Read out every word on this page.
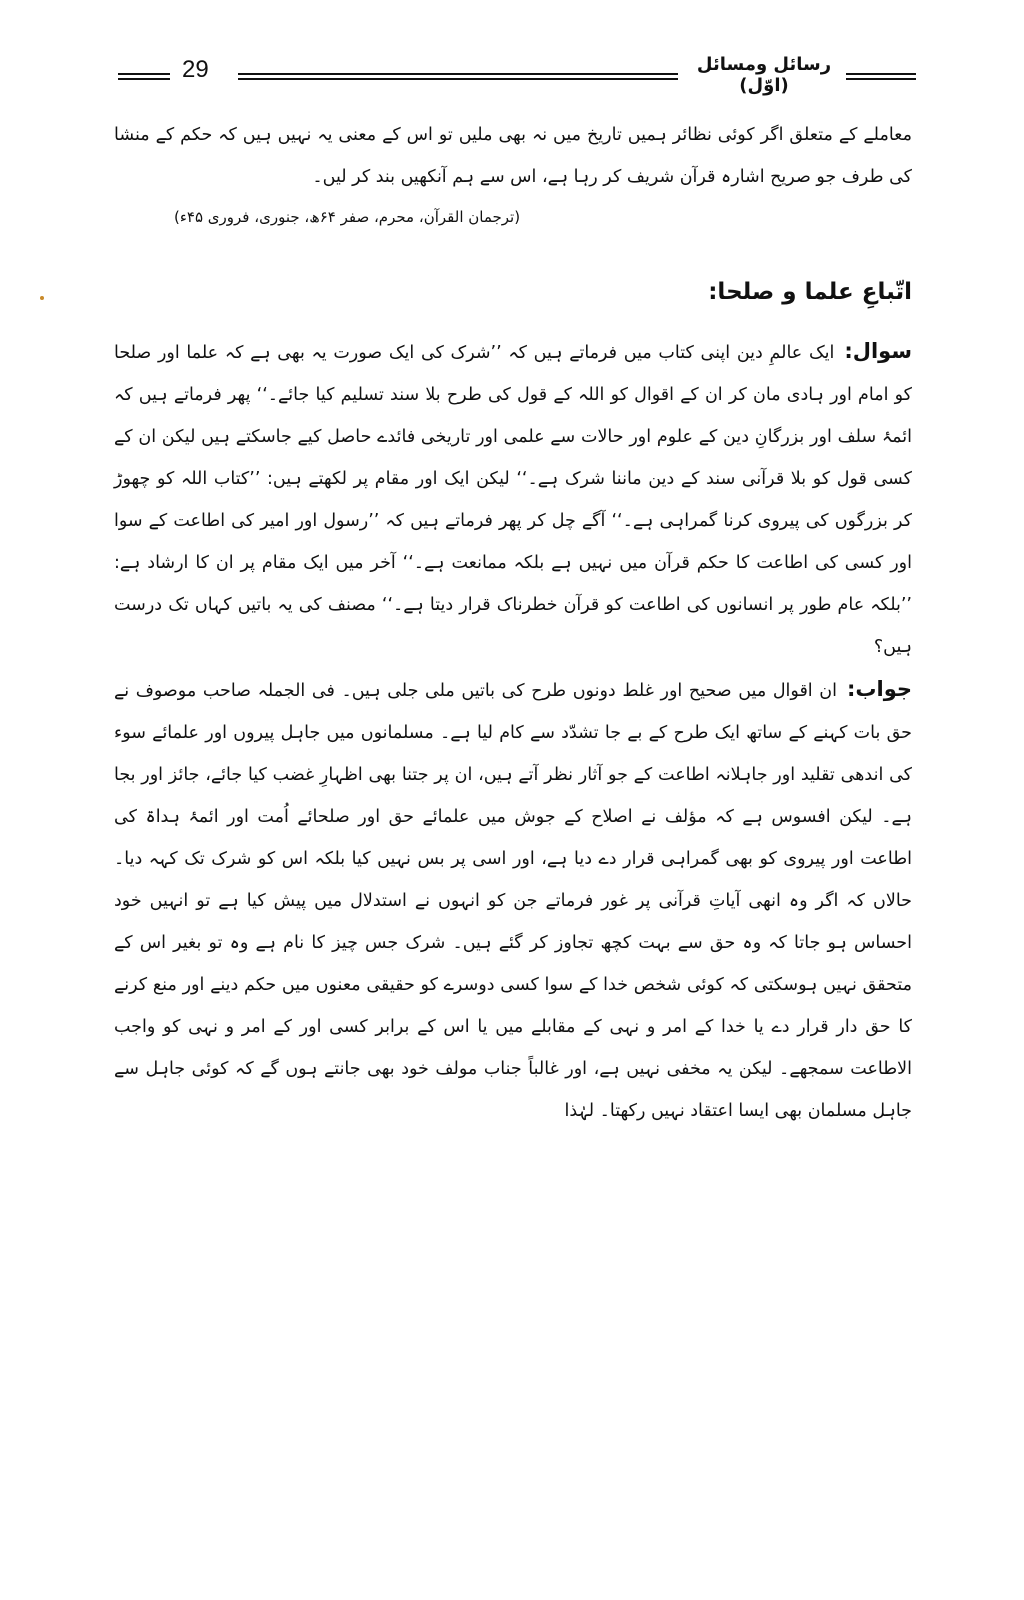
29	رسائل ومسائل (اوّل)

معاملے کے متعلق اگر کوئی نظائر ہمیں تاریخ میں نہ بھی ملیں تو اس کے معنی یہ نہیں ہیں کہ حکم کے منشا کی طرف جو صریح اشارہ قرآن شریف کر رہا ہے، اس سے ہم آنکھیں بند کر لیں۔

(ترجمان القرآن، محرم، صفر ۶۴ھ، جنوری، فروری ۴۵ء)

اتّباعِ علما و صلحا:

سوال:ایک عالمِ دین اپنی کتاب میں فرماتے ہیں کہ ’’شرک کی ایک صورت یہ بھی ہے کہ علما اور صلحا کو امام اور ہادی مان کر ان کے اقوال کو اللہ کے قول کی طرح بلا سند تسلیم کیا جائے۔‘‘ پھر فرماتے ہیں کہ ائمۂ سلف اور بزرگانِ دین کے علوم اور حالات سے علمی اور تاریخی فائدے حاصل کیے جاسکتے ہیں لیکن ان کے کسی قول کو بلا قرآنی سند کے دین ماننا شرک ہے۔‘‘ لیکن ایک اور مقام پر لکھتے ہیں: ’’کتاب اللہ کو چھوڑ کر بزرگوں کی پیروی کرنا گمراہی ہے۔‘‘ آگے چل کر پھر فرماتے ہیں کہ ’’رسول اور امیر کی اطاعت کے سوا اور کسی کی اطاعت کا حکم قرآن میں نہیں ہے بلکہ ممانعت ہے۔‘‘ آخر میں ایک مقام پر ان کا ارشاد ہے: ’’بلکہ عام طور پر انسانوں کی اطاعت کو قرآن خطرناک قرار دیتا ہے۔‘‘ مصنف کی یہ باتیں کہاں تک درست ہیں؟

جواب:ان اقوال میں صحیح اور غلط دونوں طرح کی باتیں ملی جلی ہیں۔ فی الجملہ صاحب موصوف نے حق بات کہنے کے ساتھ ایک طرح کے بے جا تشدّد سے کام لیا ہے۔ مسلمانوں میں جاہل پیروں اور علمائے سوء کی اندھی تقلید اور جاہلانہ اطاعت کے جو آثار نظر آتے ہیں، ان پر جتنا بھی اظہارِ غضب کیا جائے، جائز اور بجا ہے۔ لیکن افسوس ہے کہ مؤلف نے اصلاح کے جوش میں علمائے حق اور صلحائے اُمت اور ائمۂ ہداۃ کی اطاعت اور پیروی کو بھی گمراہی قرار دے دیا ہے، اور اسی پر بس نہیں کیا بلکہ اس کو شرک تک کہہ دیا۔ حالاں کہ اگر وہ انھی آیاتِ قرآنی پر غور فرماتے جن کو انہوں نے استدلال میں پیش کیا ہے تو انہیں خود احساس ہو جاتا کہ وہ حق سے بہت کچھ تجاوز کر گئے ہیں۔ شرک جس چیز کا نام ہے وہ تو بغیر اس کے متحقق نہیں ہوسکتی کہ کوئی شخص خدا کے سوا کسی دوسرے کو حقیقی معنوں میں حکم دینے اور منع کرنے کا حق دار قرار دے یا خدا کے امر و نہی کے مقابلے میں یا اس کے برابر کسی اور کے امر و نہی کو واجب الاطاعت سمجھے۔ لیکن یہ مخفی نہیں ہے، اور غالباً جناب مولف خود بھی جانتے ہوں گے کہ کوئی جاہل سے جاہل مسلمان بھی ایسا اعتقاد نہیں رکھتا۔ لہٰذا
